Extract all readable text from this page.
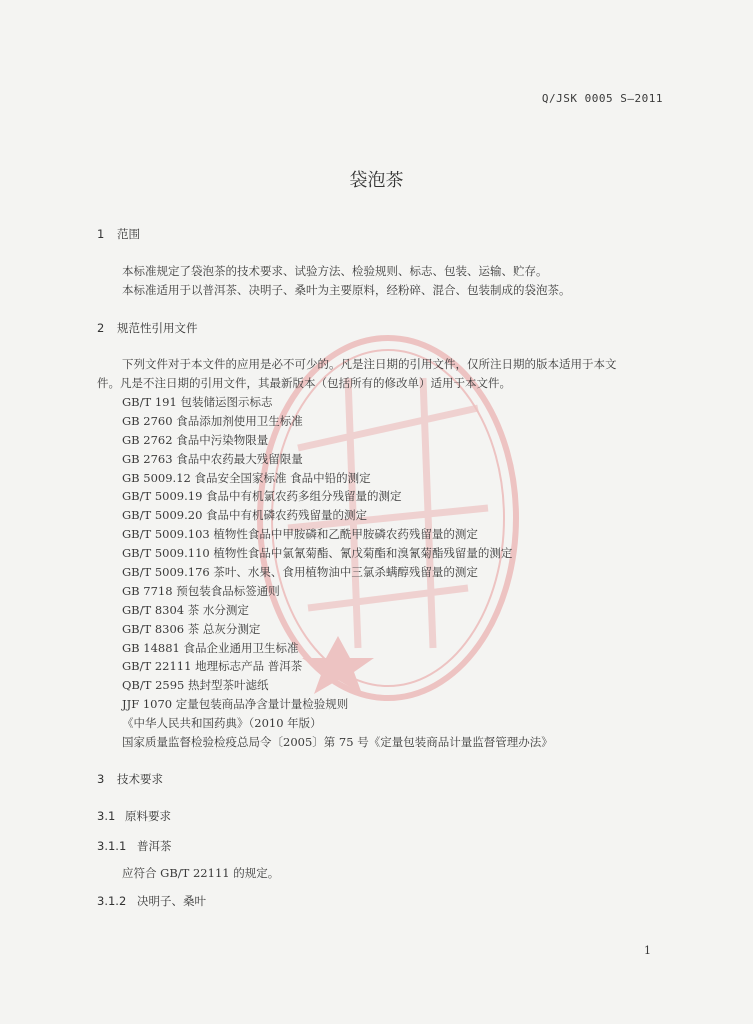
Q/JSK 0005 S—2011
袋泡茶
1 范围
本标准规定了袋泡茶的技术要求、试验方法、检验规则、标志、包装、运输、贮存。
本标准适用于以普洱茶、决明子、桑叶为主要原料，经粉碎、混合、包装制成的袋泡茶。
2 规范性引用文件
下列文件对于本文件的应用是必不可少的。凡是注日期的引用文件，仅所注日期的版本适用于本文
件。凡是不注日期的引用文件，其最新版本（包括所有的修改单）适用于本文件。
GB/T 191 包装储运图示标志
GB 2760 食品添加剂使用卫生标准
GB 2762 食品中污染物限量
GB 2763 食品中农药最大残留限量
GB 5009.12 食品安全国家标准 食品中铅的测定
GB/T 5009.19 食品中有机氯农药多组分残留量的测定
GB/T 5009.20 食品中有机磷农药残留量的测定
GB/T 5009.103 植物性食品中甲胺磷和乙酰甲胺磷农药残留量的测定
GB/T 5009.110 植物性食品中氯氰菊酯、氰戊菊酯和溴氰菊酯残留量的测定
GB/T 5009.176 茶叶、水果、食用植物油中三氯杀螨醇残留量的测定
GB 7718 预包装食品标签通则
GB/T 8304 茶 水分测定
GB/T 8306 茶 总灰分测定
GB 14881 食品企业通用卫生标准
GB/T 22111 地理标志产品 普洱茶
QB/T 2595 热封型茶叶滤纸
JJF 1070 定量包装商品净含量计量检验规则
《中华人民共和国药典》（2010 年版）
国家质量监督检验检疫总局令〔2005〕第 75 号《定量包装商品计量监督管理办法》
3 技术要求
3.1 原料要求
3.1.1 普洱茶
应符合 GB/T 22111 的规定。
3.1.2 决明子、桑叶
1
